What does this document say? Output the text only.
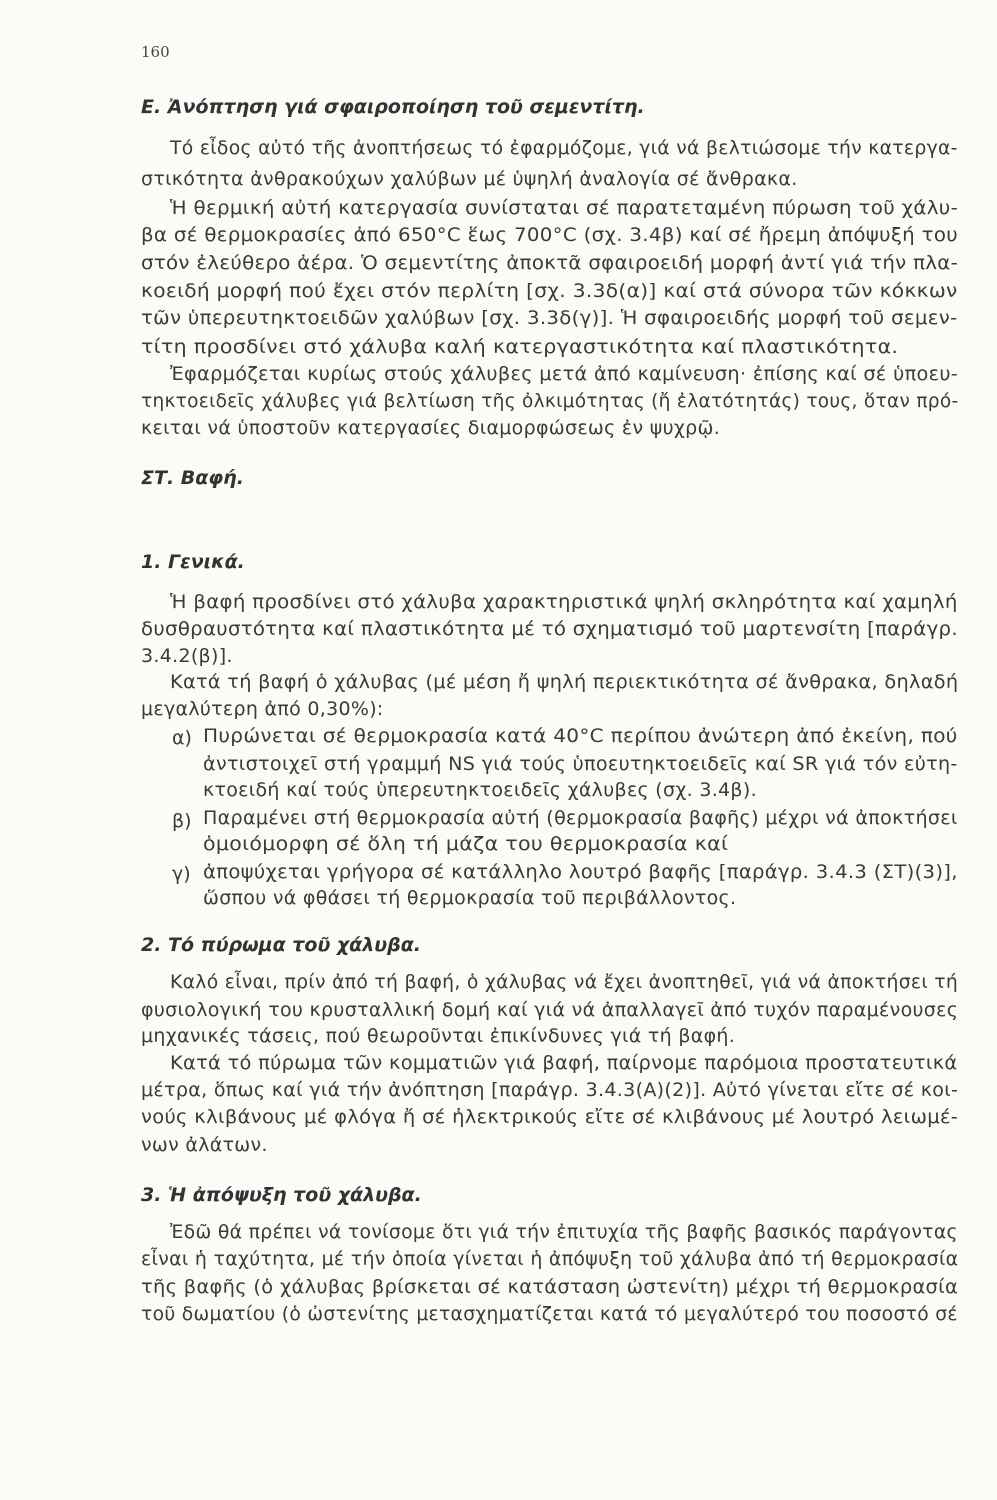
160
Ε. Ἀνόπτηση γιά σφαιροποίηση τοῦ σεμεντίτη.
Τό εἶδος αὐτό τῆς ἀνοπτήσεως τό ἐφαρμόζομε, γιά νά βελτιώσομε τήν κατεργα-
στικότητα ἀνθρακούχων χαλύβων μέ ὑψηλή ἀναλογία σέ ἄνθρακα.
Ἡ θερμική αὐτή κατεργασία συνίσταται σέ παρατεταμένη πύρωση τοῦ χάλυ-
βα σέ θερμοκρασίες ἀπό 650°C ἕως 700°C (σχ. 3.4β) καί σέ ἤρεμη ἀπόψυξή του
στόν ἐλεύθερο ἀέρα. Ὁ σεμεντίτης ἀποκτᾶ σφαιροειδή μορφή ἀντί γιά τήν πλα-
κοειδή μορφή πού ἔχει στόν περλίτη [σχ. 3.3δ(α)] καί στά σύνορα τῶν κόκκων
τῶν ὑπερευτηκτοειδῶν χαλύβων [σχ. 3.3δ(γ)]. Ἡ σφαιροειδής μορφή τοῦ σεμεν-
τίτη προσδίνει στό χάλυβα καλή κατεργαστικότητα καί πλαστικότητα.
Ἐφαρμόζεται κυρίως στούς χάλυβες μετά ἀπό καμίνευση· ἐπίσης καί σέ ὑποευ-
τηκτοειδεῖς χάλυβες γιά βελτίωση τῆς ὀλκιμότητας (ἤ ἐλατότητάς) τους, ὅταν πρό-
κειται νά ὑποστοῦν κατεργασίες διαμορφώσεως ἐν ψυχρῷ.
ΣΤ. Βαφή.
1. Γενικά.
Ἡ βαφή προσδίνει στό χάλυβα χαρακτηριστικά ψηλή σκληρότητα καί χαμηλή
δυσθραυστότητα καί πλαστικότητα μέ τό σχηματισμό τοῦ μαρτενσίτη [παράγρ.
3.4.2(β)].
Κατά τή βαφή ὁ χάλυβας (μέ μέση ἤ ψηλή περιεκτικότητα σέ ἄνθρακα, δηλαδή
μεγαλύτερη ἀπό 0,30%):
α) Πυρώνεται σέ θερμοκρασία κατά 40°C περίπου ἀνώτερη ἀπό ἐκείνη, πού
ἀντιστοιχεῖ στή γραμμή NS γιά τούς ὑποευτηκτοειδεῖς καί SR γιά τόν εὐτη-
κτοειδή καί τούς ὑπερευτηκτοειδεῖς χάλυβες (σχ. 3.4β).
β) Παραμένει στή θερμοκρασία αὐτή (θερμοκρασία βαφῆς) μέχρι νά ἀποκτήσει
ὁμοιόμορφη σέ ὅλη τή μάζα του θερμοκρασία καί
γ) ἀποψύχεται γρήγορα σέ κατάλληλο λουτρό βαφῆς [παράγρ. 3.4.3 (ΣΤ)(3)],
ὥσπου νά φθάσει τή θερμοκρασία τοῦ περιβάλλοντος.
2. Τό πύρωμα τοῦ χάλυβα.
Καλό εἶναι, πρίν ἀπό τή βαφή, ὁ χάλυβας νά ἔχει ἀνοπτηθεῖ, γιά νά ἀποκτήσει τή
φυσιολογική του κρυσταλλική δομή καί γιά νά ἀπαλλαγεῖ ἀπό τυχόν παραμένουσες
μηχανικές τάσεις, πού θεωροῦνται ἐπικίνδυνες γιά τή βαφή.
Κατά τό πύρωμα τῶν κομματιῶν γιά βαφή, παίρνομε παρόμοια προστατευτικά
μέτρα, ὅπως καί γιά τήν ἀνόπτηση [παράγρ. 3.4.3(Α)(2)]. Αὐτό γίνεται εἴτε σέ κοι-
νούς κλιβάνους μέ φλόγα ἤ σέ ἠλεκτρικούς εἴτε σέ κλιβάνους μέ λουτρό λειωμέ-
νων ἀλάτων.
3. Ἡ ἀπόψυξη τοῦ χάλυβα.
Ἐδῶ θά πρέπει νά τονίσομε ὅτι γιά τήν ἐπιτυχία τῆς βαφῆς βασικός παράγοντας
εἶναι ἡ ταχύτητα, μέ τήν ὁποία γίνεται ἡ ἀπόψυξη τοῦ χάλυβα ἀπό τή θερμοκρασία
τῆς βαφῆς (ὁ χάλυβας βρίσκεται σέ κατάσταση ὠστενίτη) μέχρι τή θερμοκρασία
τοῦ δωματίου (ὁ ὠστενίτης μετασχηματίζεται κατά τό μεγαλύτερό του ποσοστό σέ
